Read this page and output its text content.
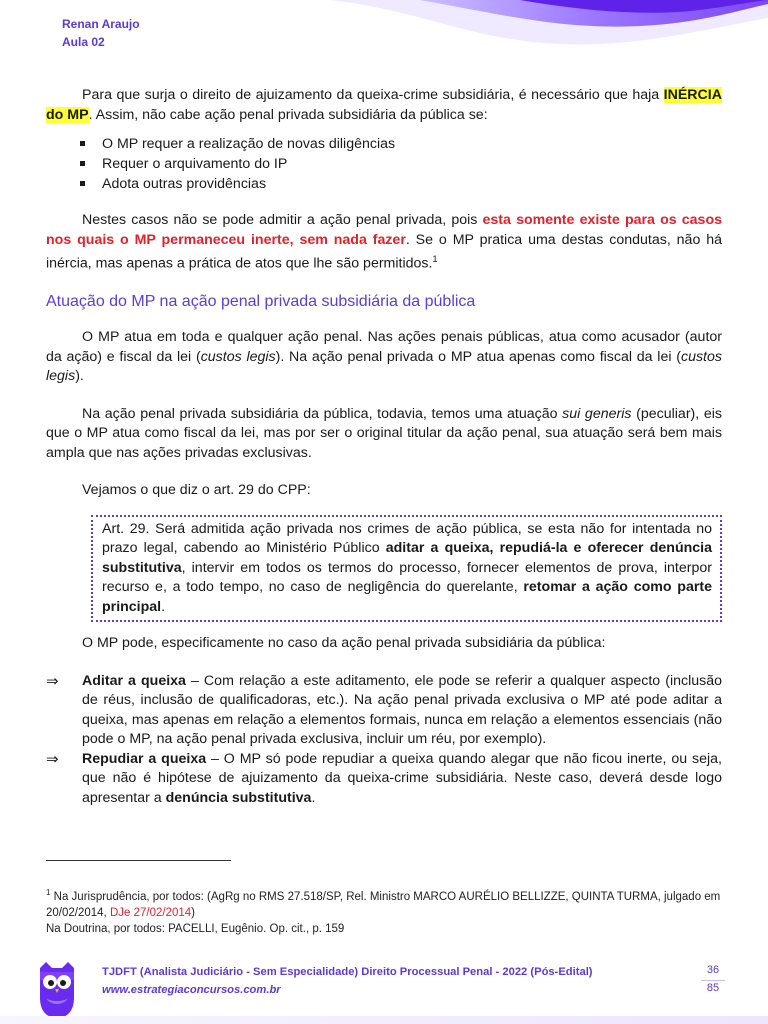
Renan Araujo
Aula 02

Para que surja o direito de ajuizamento da queixa-crime subsidiária, é necessário que haja INÉRCIA do MP. Assim, não cabe ação penal privada subsidiária da pública se:

O MP requer a realização de novas diligências
Requer o arquivamento do IP
Adota outras providências

Nestes casos não se pode admitir a ação penal privada, pois esta somente existe para os casos nos quais o MP permaneceu inerte, sem nada fazer. Se o MP pratica uma destas condutas, não há inércia, mas apenas a prática de atos que lhe são permitidos.$^1$

Atuação do MP na ação penal privada subsidiária da pública

O MP atua em toda e qualquer ação penal. Nas ações penais públicas, atua como acusador (autor da ação) e fiscal da lei (custos legis). Na ação penal privada o MP atua apenas como fiscal da lei (custos legis).

Na ação penal privada subsidiária da pública, todavia, temos uma atuação sui generis (peculiar), eis que o MP atua como fiscal da lei, mas por ser o original titular da ação penal, sua atuação será bem mais ampla que nas ações privadas exclusivas.

Vejamos o que diz o art. 29 do CPP:

Art. 29. Será admitida ação privada nos crimes de ação pública, se esta não for intentada no prazo legal, cabendo ao Ministério Público aditar a queixa, repudiá-la e oferecer denúncia substitutiva, intervir em todos os termos do processo, fornecer elementos de prova, interpor recurso e, a todo tempo, no caso de negligência do querelante, retomar a ação como parte principal.

O MP pode, especificamente no caso da ação penal privada subsidiária da pública:

⇒ Aditar a queixa – Com relação a este aditamento, ele pode se referir a qualquer aspecto (inclusão de réus, inclusão de qualificadoras, etc.). Na ação penal privada exclusiva o MP até pode aditar a queixa, mas apenas em relação a elementos formais, nunca em relação a elementos essenciais (não pode o MP, na ação penal privada exclusiva, incluir um réu, por exemplo).
⇒ Repudiar a queixa – O MP só pode repudiar a queixa quando alegar que não ficou inerte, ou seja, que não é hipótese de ajuizamento da queixa-crime subsidiária. Neste caso, deverá desde logo apresentar a denúncia substitutiva.
$^1$ Na Jurisprudência, por todos: (AgRg no RMS 27.518/SP, Rel. Ministro MARCO AURÉLIO BELLIZZE, QUINTA TURMA, julgado em 20/02/2014, DJe 27/02/2014)
Na Doutrina, por todos: PACELLI, Eugênio. Op. cit., p. 159
TJDFT (Analista Judiciário - Sem Especialidade) Direito Processual Penal - 2022 (Pós-Edital)
www.estrategiaconcursos.com.br
36
85
